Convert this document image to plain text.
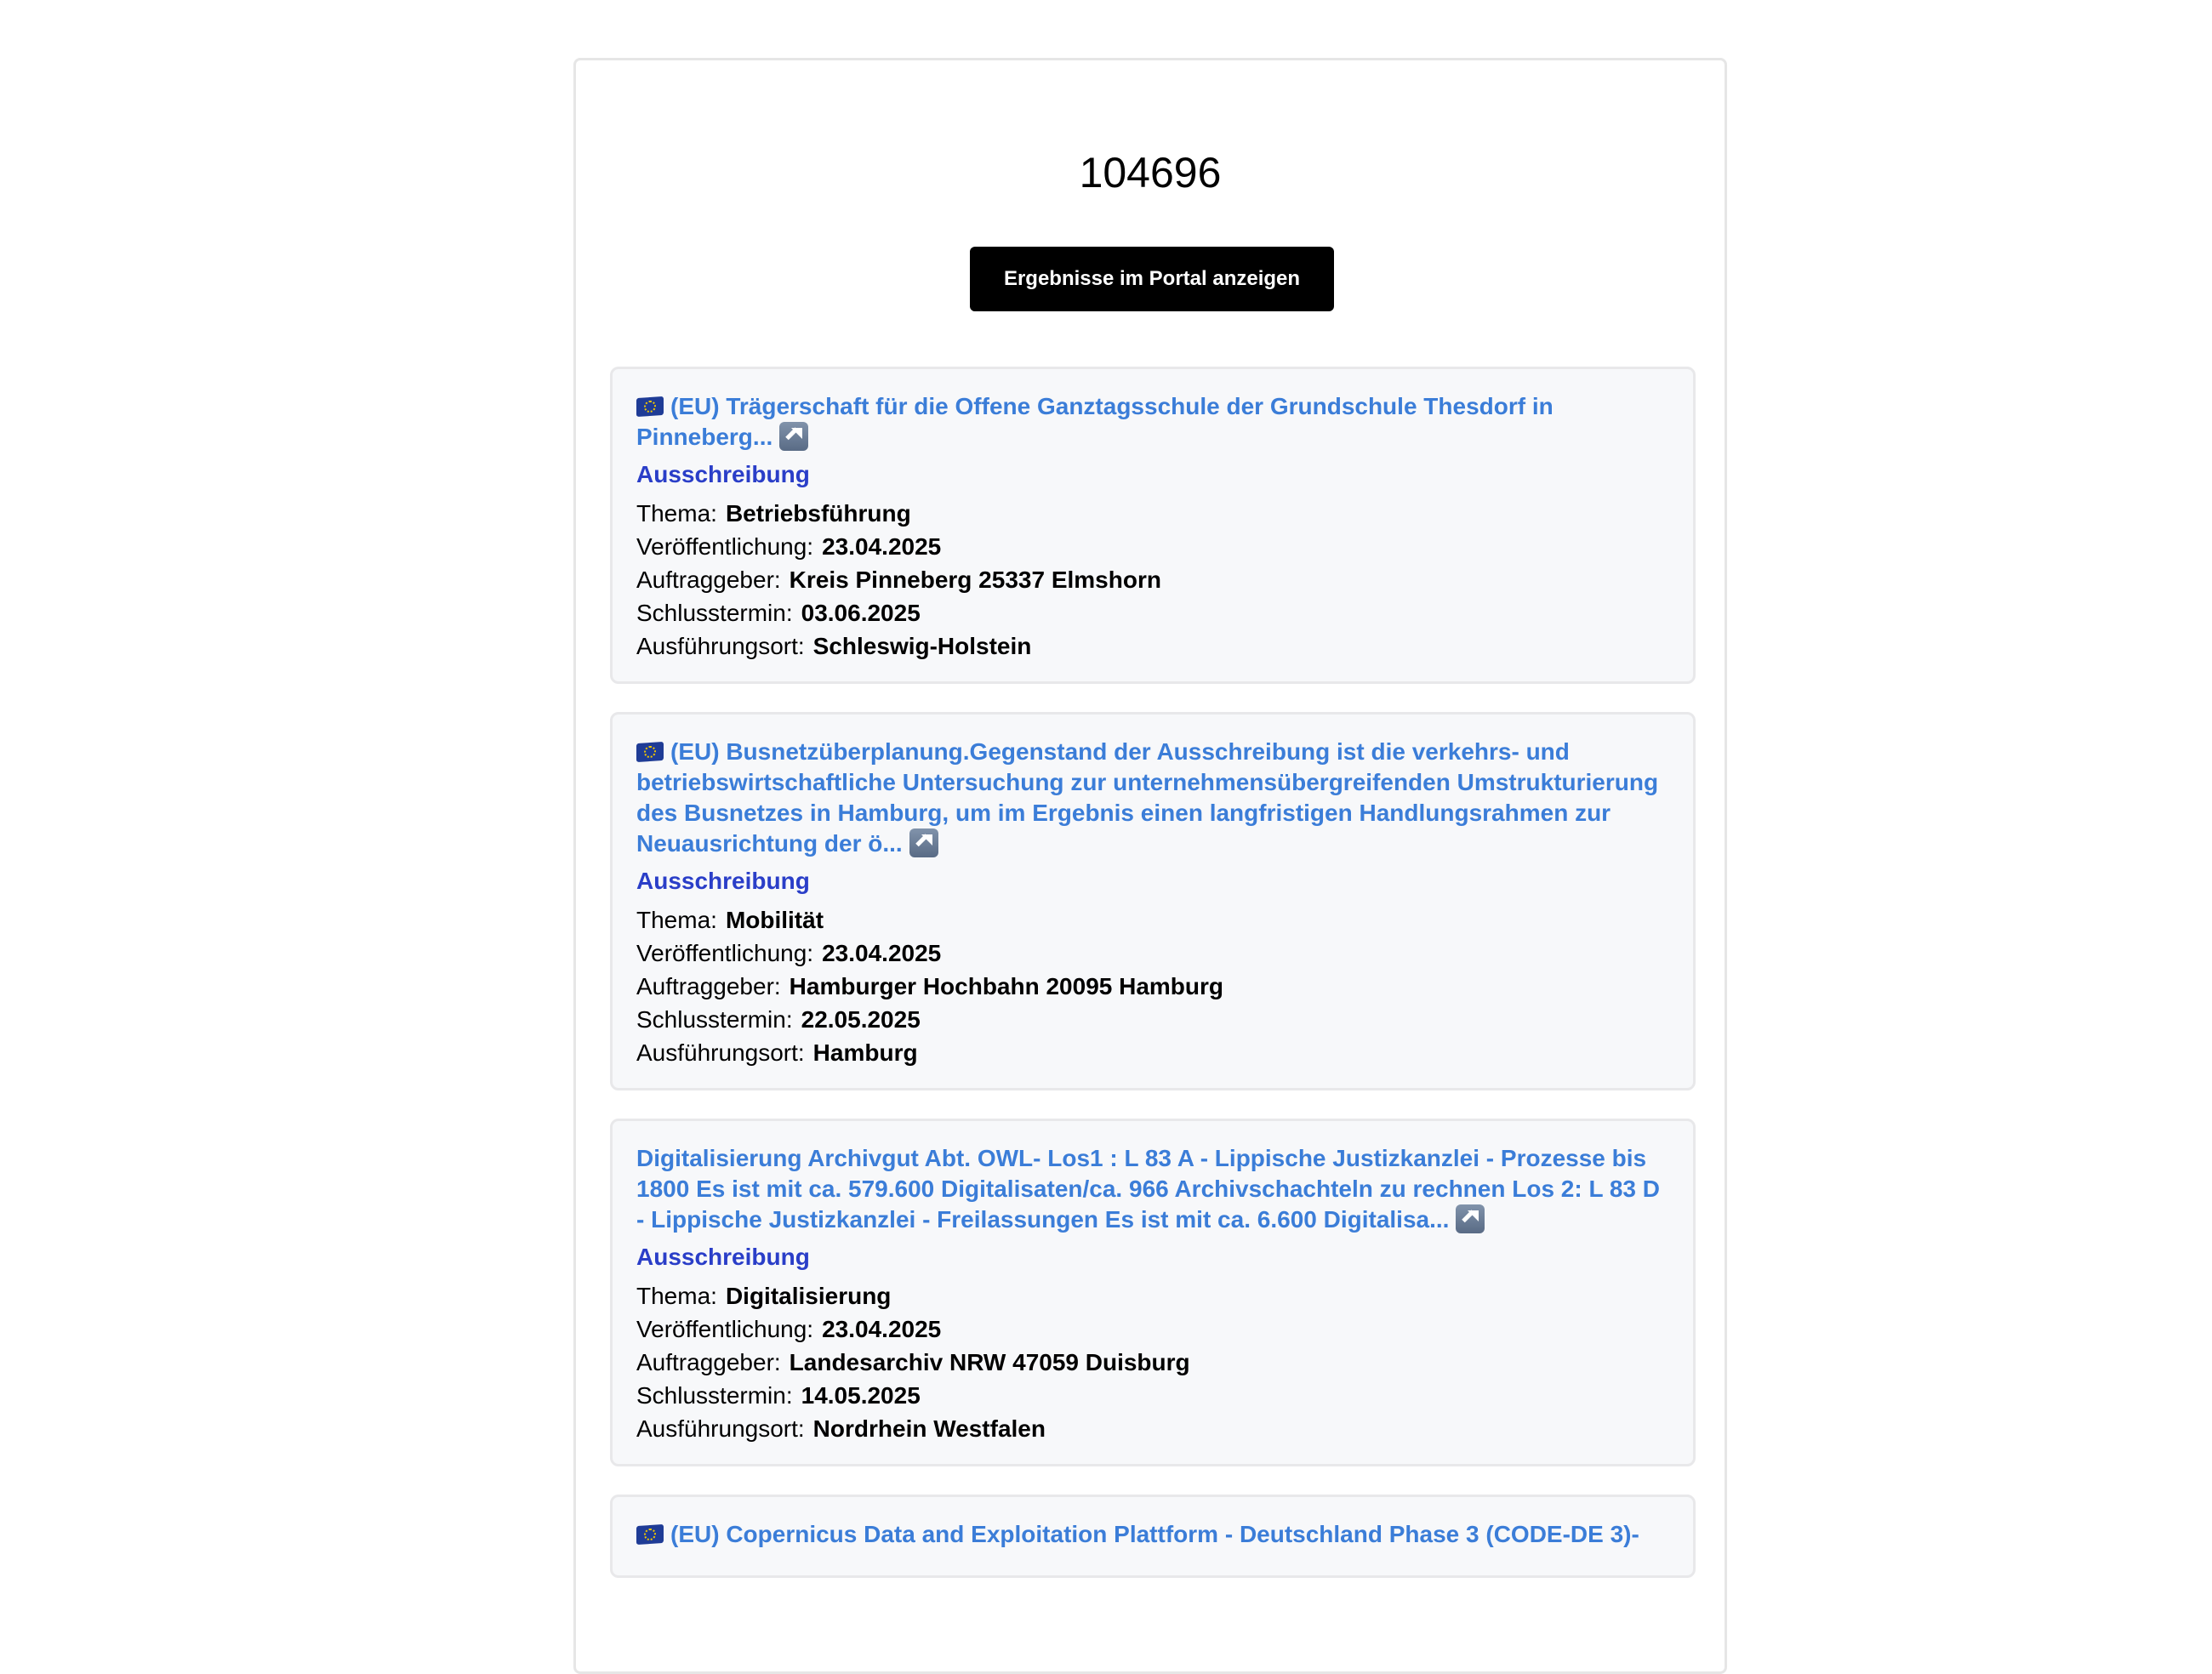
104696
Ergebnisse im Portal anzeigen
(EU) Trägerschaft für die Offene Ganztagsschule der Grundschule Thesdorf in Pinneberg...
Ausschreibung
Thema: Betriebsführung
Veröffentlichung: 23.04.2025
Auftraggeber: Kreis Pinneberg 25337 Elmshorn
Schlusstermin: 03.06.2025
Ausführungsort: Schleswig-Holstein
(EU) Busnetzüberplanung.Gegenstand der Ausschreibung ist die verkehrs- und betriebswirtschaftliche Untersuchung zur unternehmensübergreifenden Umstrukturierung des Busnetzes in Hamburg, um im Ergebnis einen langfristigen Handlungsrahmen zur Neuausrichtung der ö...
Ausschreibung
Thema: Mobilität
Veröffentlichung: 23.04.2025
Auftraggeber: Hamburger Hochbahn 20095 Hamburg
Schlusstermin: 22.05.2025
Ausführungsort: Hamburg
Digitalisierung Archivgut Abt. OWL- Los1 : L 83 A - Lippische Justizkanzlei - Prozesse bis 1800 Es ist mit ca. 579.600 Digitalisaten/ca. 966 Archivschachteln zu rechnen Los 2: L 83 D - Lippische Justizkanzlei - Freilassungen Es ist mit ca. 6.600 Digitalisa...
Ausschreibung
Thema: Digitalisierung
Veröffentlichung: 23.04.2025
Auftraggeber: Landesarchiv NRW 47059 Duisburg
Schlusstermin: 14.05.2025
Ausführungsort: Nordrhein Westfalen
(EU) Copernicus Data and Exploitation Plattform - Deutschland Phase 3 (CODE-DE 3)-
